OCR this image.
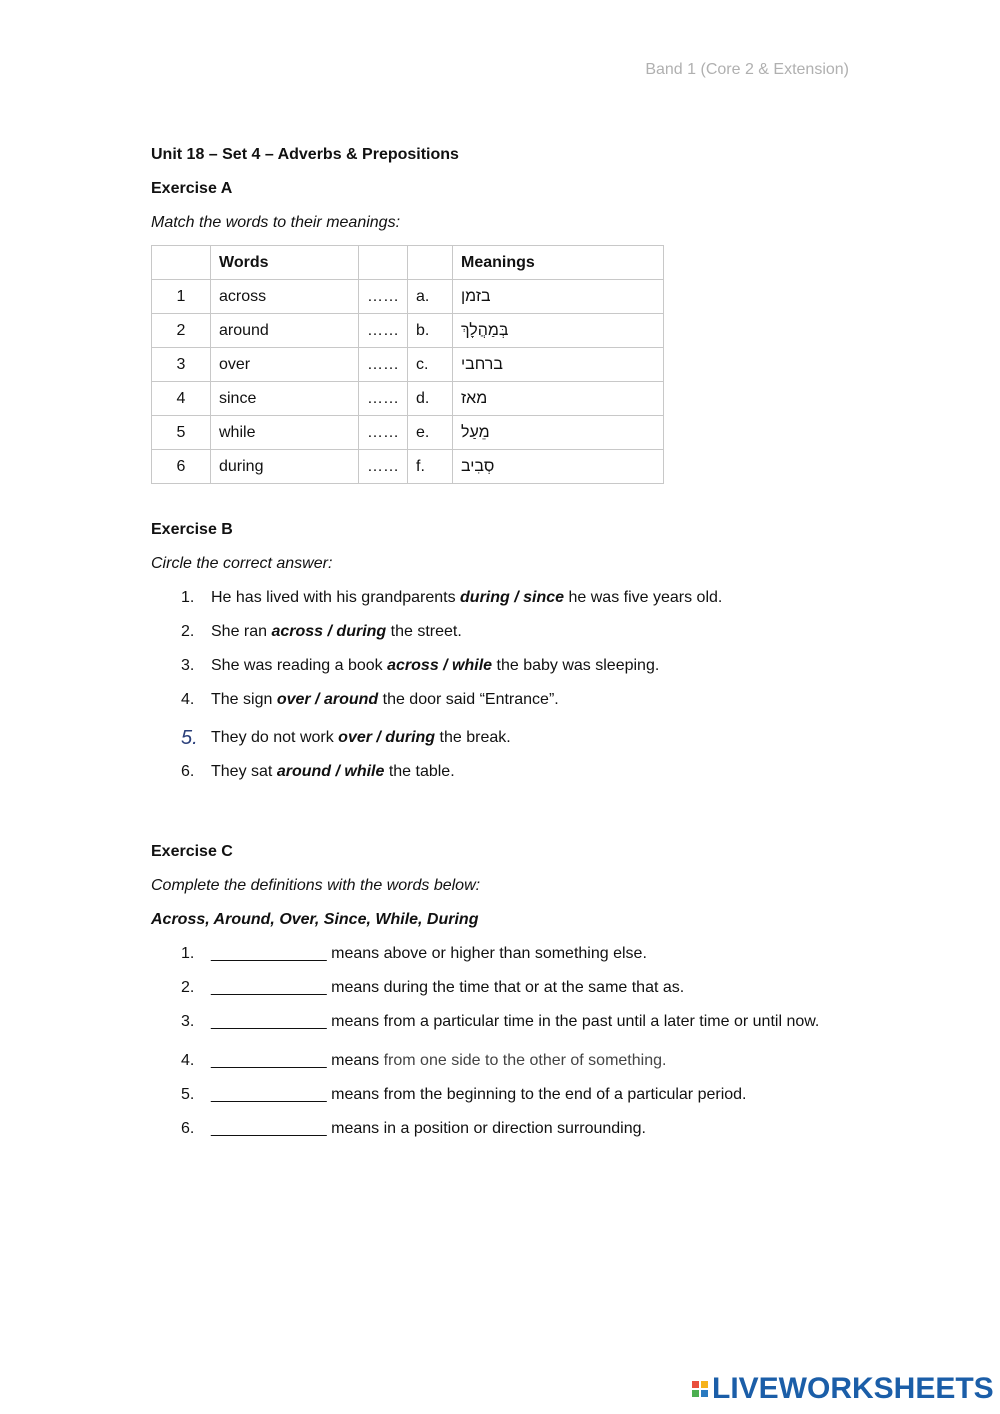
Band 1 (Core 2 & Extension)

Unit 18 – Set 4 – Adverbs & Prepositions

Exercise A

Match the words to their meanings:

	Words			Meanings
1	across	……	a.	בזמן
2	around	……	b.	בְּמַהֲלָךְ
3	over	……	c.	ברחבי
4	since	……	d.	מאז
5	while	……	e.	מֵעַל
6	during	……	f.	סְבִיב

Exercise B

Circle the correct answer:

1.	He has lived with his grandparents during / since he was five years old.
2.	She ran across / during the street.
3.	She was reading a book across / while the baby was sleeping.
4.	The sign over / around the door said “Entrance”.
5. They do not work over / during the break.
6.	They sat around / while the table.

Exercise C

Complete the definitions with the words below:

Across, Around, Over, Since, While, During

1.	_____________ means above or higher than something else.
2.	_____________ means during the time that or at the same that as.
3.	_____________ means from a particular time in the past until a later time or until now.
4.	_____________ means from one side to the other of something.
5.	_____________ means from the beginning to the end of a particular period.
6.	_____________ means in a position or direction surrounding.
LIVEWORKSHEETS
